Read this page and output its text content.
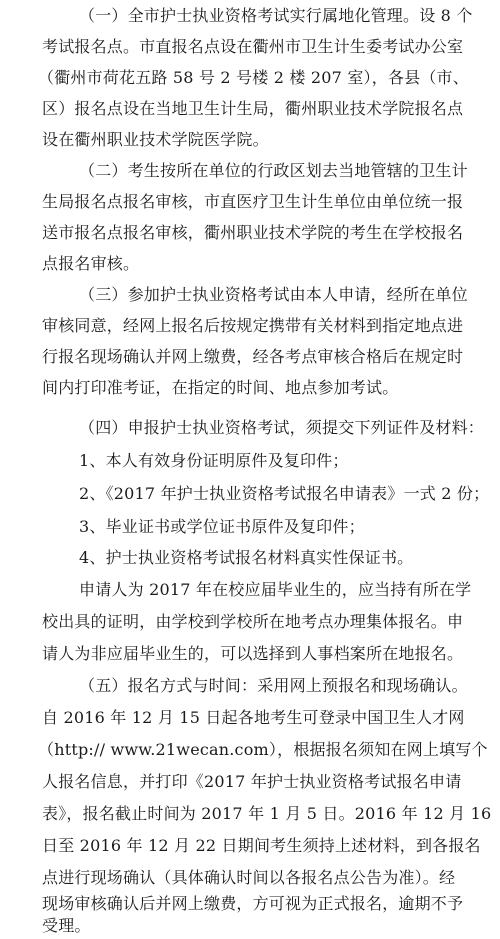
（一）全市护士执业资格考试实行属地化管理。设 8 个
考试报名点。市直报名点设在衢州市卫生计生委考试办公室
（衢州市荷花五路 58 号 2 号楼 2 楼 207 室），各县（市、
区）报名点设在当地卫生计生局，衢州职业技术学院报名点
设在衢州职业技术学院医学院。
（二）考生按所在单位的行政区划去当地管辖的卫生计
生局报名点报名审核，市直医疗卫生计生单位由单位统一报
送市报名点报名审核，衢州职业技术学院的考生在学校报名
点报名审核。
（三）参加护士执业资格考试由本人申请，经所在单位
审核同意，经网上报名后按规定携带有关材料到指定地点进
行报名现场确认并网上缴费，经各考点审核合格后在规定时
间内打印准考证，在指定的时间、地点参加考试。
（四）申报护士执业资格考试，须提交下列证件及材料：
1、本人有效身份证明原件及复印件；
2、《2017 年护士执业资格考试报名申请表》一式 2 份；
3、毕业证书或学位证书原件及复印件；
4、护士执业资格考试报名材料真实性保证书。
申请人为 2017 年在校应届毕业生的，应当持有所在学
校出具的证明，由学校到学校所在地考点办理集体报名。申
请人为非应届毕业生的，可以选择到人事档案所在地报名。
（五）报名方式与时间：采用网上预报名和现场确认。
自 2016 年 12 月 15 日起各地考生可登录中国卫生人才网
（http:// www.21wecan.com），根据报名须知在网上填写个
人报名信息，并打印《2017 年护士执业资格考试报名申请
表》，报名截止时间为 2017 年 1 月 5 日。2016 年 12 月 16
日至 2016 年 12 月 22 日期间考生须持上述材料，到各报名
点进行现场确认（具体确认时间以各报名点公告为准）。经
现场审核确认后并网上缴费，方可视为正式报名，逾期不予
受理。
